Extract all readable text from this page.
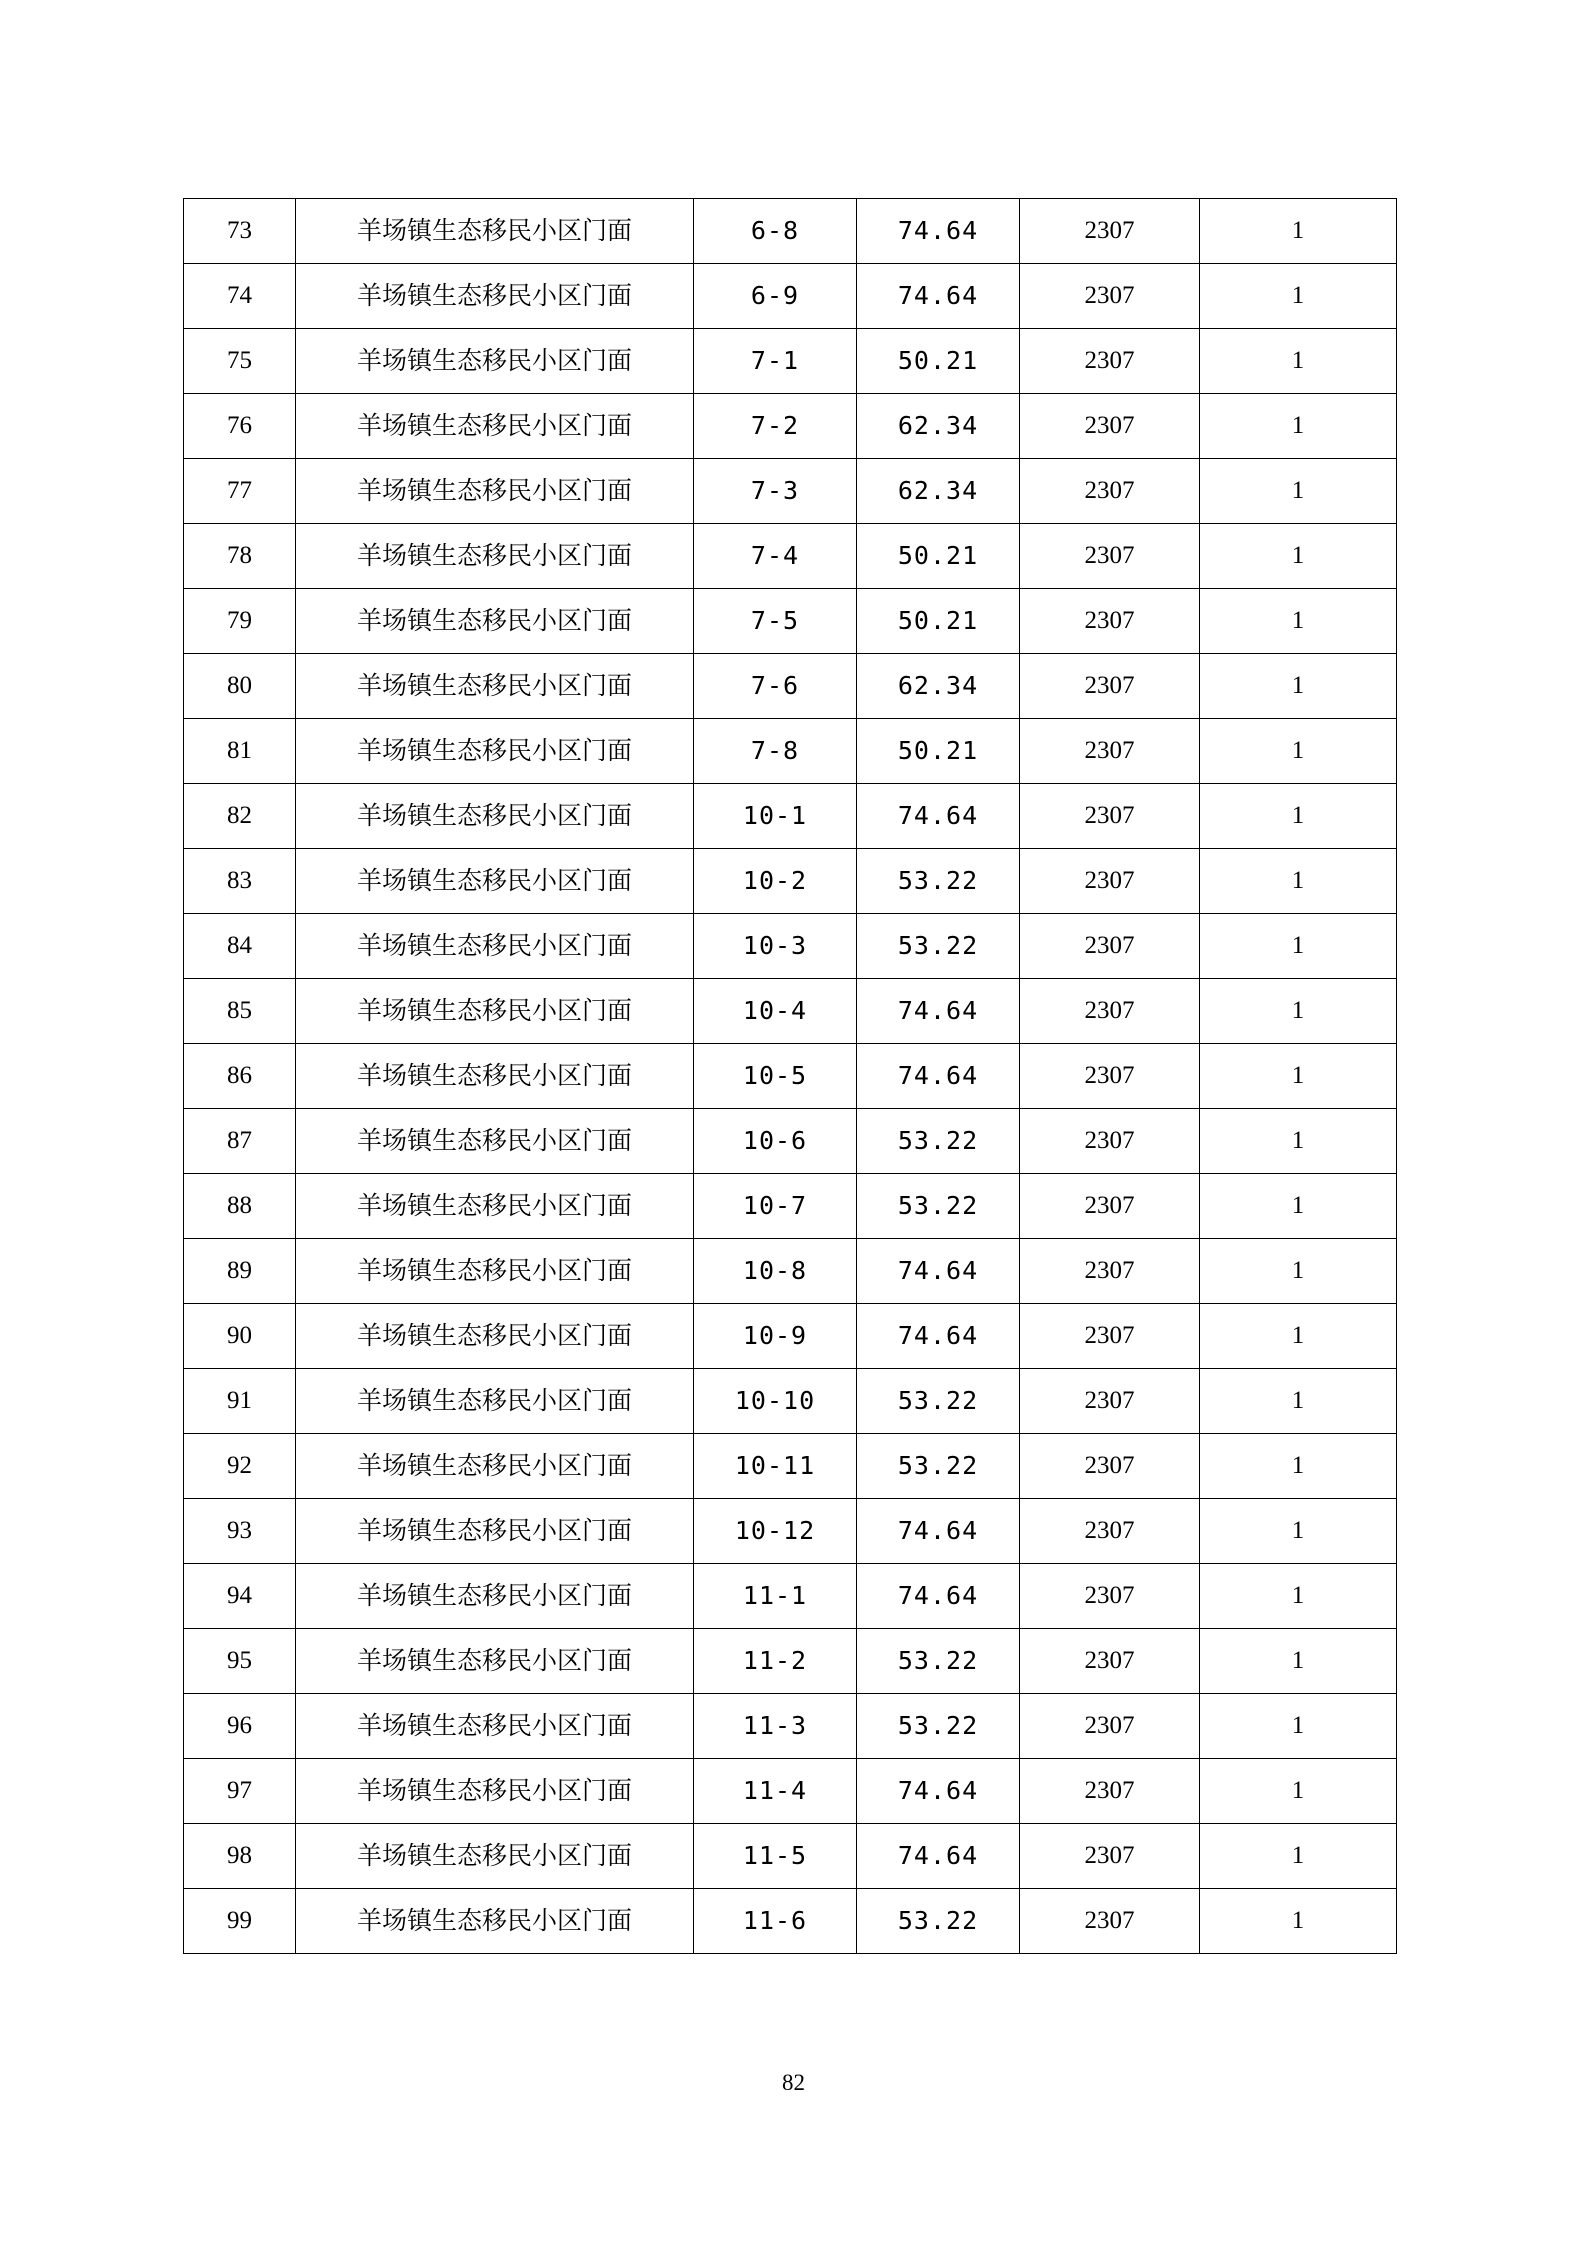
73	羊场镇生态移民小区门面	6-8	74.64	2307	1
74	羊场镇生态移民小区门面	6-9	74.64	2307	1
75	羊场镇生态移民小区门面	7-1	50.21	2307	1
76	羊场镇生态移民小区门面	7-2	62.34	2307	1
77	羊场镇生态移民小区门面	7-3	62.34	2307	1
78	羊场镇生态移民小区门面	7-4	50.21	2307	1
79	羊场镇生态移民小区门面	7-5	50.21	2307	1
80	羊场镇生态移民小区门面	7-6	62.34	2307	1
81	羊场镇生态移民小区门面	7-8	50.21	2307	1
82	羊场镇生态移民小区门面	10-1	74.64	2307	1
83	羊场镇生态移民小区门面	10-2	53.22	2307	1
84	羊场镇生态移民小区门面	10-3	53.22	2307	1
85	羊场镇生态移民小区门面	10-4	74.64	2307	1
86	羊场镇生态移民小区门面	10-5	74.64	2307	1
87	羊场镇生态移民小区门面	10-6	53.22	2307	1
88	羊场镇生态移民小区门面	10-7	53.22	2307	1
89	羊场镇生态移民小区门面	10-8	74.64	2307	1
90	羊场镇生态移民小区门面	10-9	74.64	2307	1
91	羊场镇生态移民小区门面	10-10	53.22	2307	1
92	羊场镇生态移民小区门面	10-11	53.22	2307	1
93	羊场镇生态移民小区门面	10-12	74.64	2307	1
94	羊场镇生态移民小区门面	11-1	74.64	2307	1
95	羊场镇生态移民小区门面	11-2	53.22	2307	1
96	羊场镇生态移民小区门面	11-3	53.22	2307	1
97	羊场镇生态移民小区门面	11-4	74.64	2307	1
98	羊场镇生态移民小区门面	11-5	74.64	2307	1
99	羊场镇生态移民小区门面	11-6	53.22	2307	1
82
